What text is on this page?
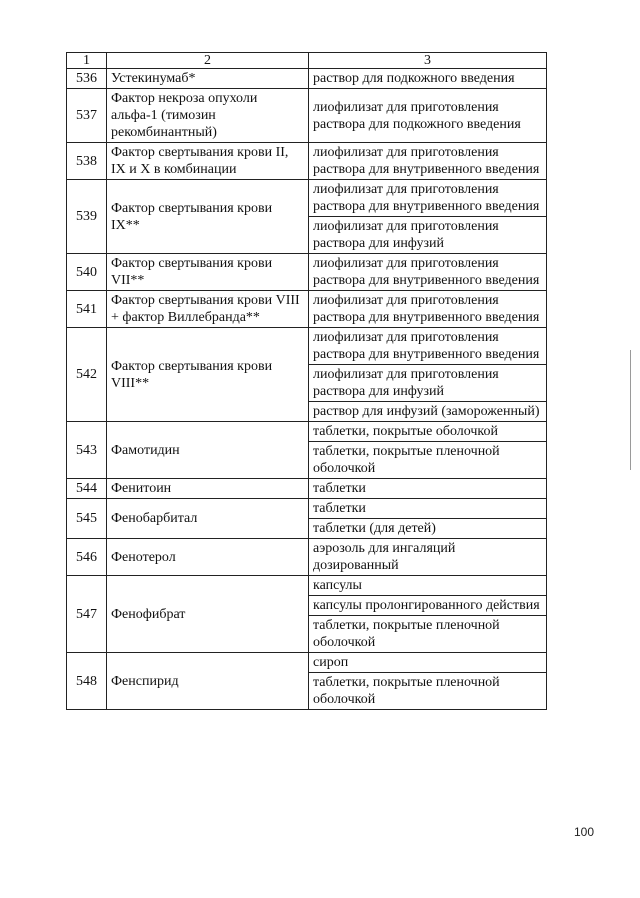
1	2	3
536	Устекинумаб*	раствор для подкожного введения
537	Фактор некроза опухоли альфа-1 (тимозин рекомбинантный)	лиофилизат для приготовления раствора для подкожного введения
538	Фактор свертывания крови II, IX и X в комбинации	лиофилизат для приготовления раствора для внутривенного введения
539	Фактор свертывания крови IX**	лиофилизат для приготовления раствора для внутривенного введения
		лиофилизат для приготовления раствора для инфузий
540	Фактор свертывания крови VII**	лиофилизат для приготовления раствора для внутривенного введения
541	Фактор свертывания крови VIII + фактор Виллебранда**	лиофилизат для приготовления раствора для внутривенного введения
542	Фактор свертывания крови VIII**	лиофилизат для приготовления раствора для внутривенного введения
		лиофилизат для приготовления раствора для инфузий
		раствор для инфузий (замороженный)
543	Фамотидин	таблетки, покрытые оболочкой
		таблетки, покрытые пленочной оболочкой
544	Фенитоин	таблетки
545	Фенобарбитал	таблетки
		таблетки (для детей)
546	Фенотерол	аэрозоль для ингаляций дозированный
547	Фенофибрат	капсулы
		капсулы пролонгированного действия
		таблетки, покрытые пленочной оболочкой
548	Фенспирид	сироп
		таблетки, покрытые пленочной оболочкой
100
